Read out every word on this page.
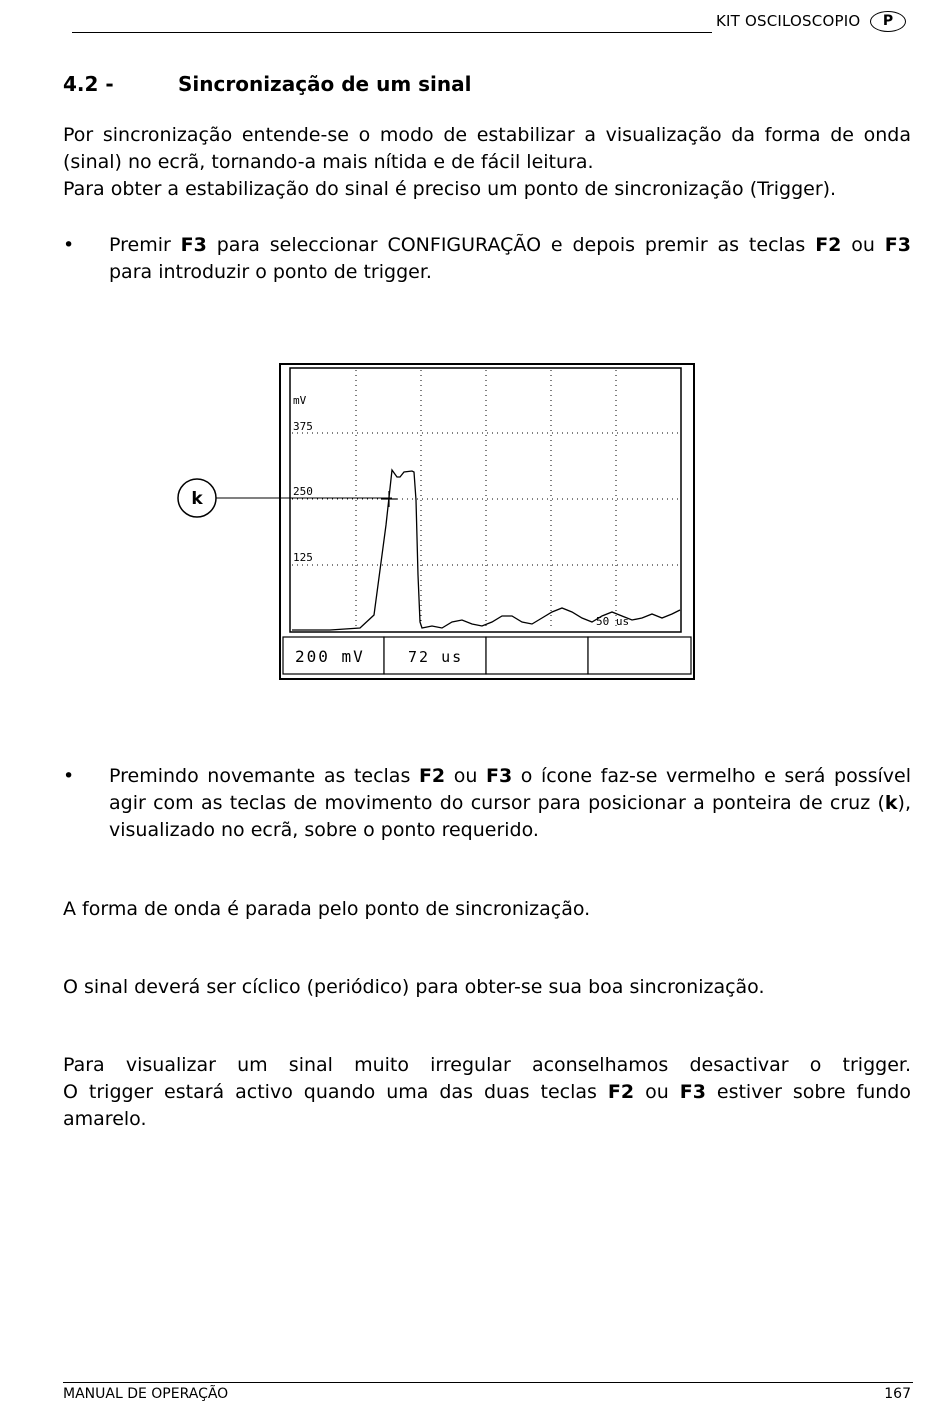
KIT OSCILOSCOPIO	P
4.2 -	Sincronização de um sinal
Por sincronização entende-se o modo de estabilizar a visualização da forma de onda
(sinal) no ecrã, tornando-a mais nítida e de fácil leitura.
Para obter a estabilização do sinal é preciso um ponto de sincronização (Trigger).
• Premir F3 para seleccionar CONFIGURAÇÃO e depois premir as teclas F2 ou F3
para introduzir o ponto de trigger.
mV
375
250
125
50 us
k
200 mV	72 us
• Premindo novemante as teclas F2 ou F3 o ícone faz-se vermelho e será possível
agir com as teclas de movimento do cursor para posicionar a ponteira de cruz (k),
visualizado no ecrã, sobre o ponto requerido.
A forma de onda é parada pelo ponto de sincronização.
O sinal deverá ser cíclico (periódico) para obter-se sua boa sincronização.
Para visualizar um sinal muito irregular aconselhamos desactivar o trigger.
O trigger estará activo quando uma das duas teclas F2 ou F3 estiver sobre fundo
amarelo.
MANUAL DE OPERAÇÃO	167
